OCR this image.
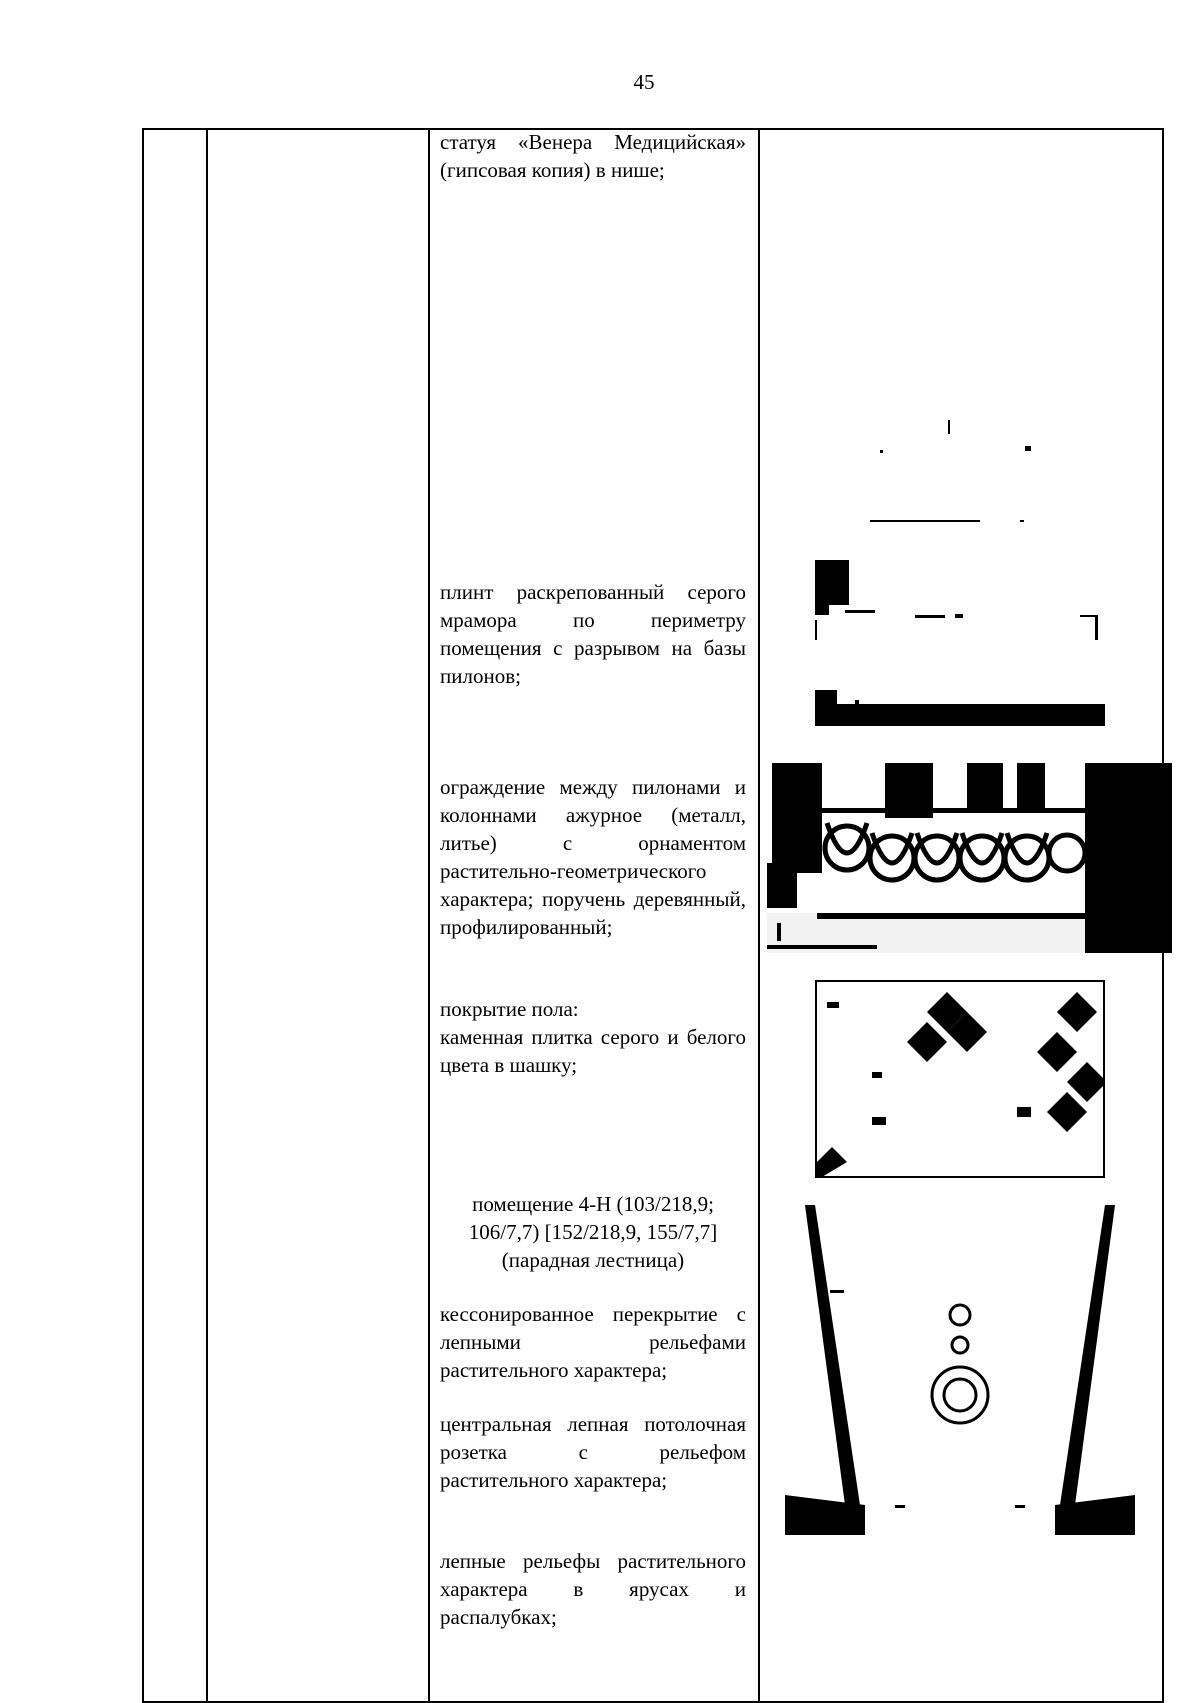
45

статуя «Венера Медицийская» (гипсовая копия) в нише;

плинт раскрепованный серого мрамора по периметру помещения с разрывом на базы пилонов;

ограждение между пилонами и колоннами ажурное (металл, литье) с орнаментом растительно-геометрического характера; поручень деревянный, профилированный;

покрытие пола:

каменная плитка серого и белого цвета в шашку;

помещение 4-Н (103/218,9;

106/7,7) [152/218,9, 155/7,7]

(парадная лестница)

кессонированное перекрытие с лепными рельефами растительного характера;

центральная лепная потолочная розетка с рельефом растительного характера;

лепные рельефы растительного характера в ярусах и распалубках;
